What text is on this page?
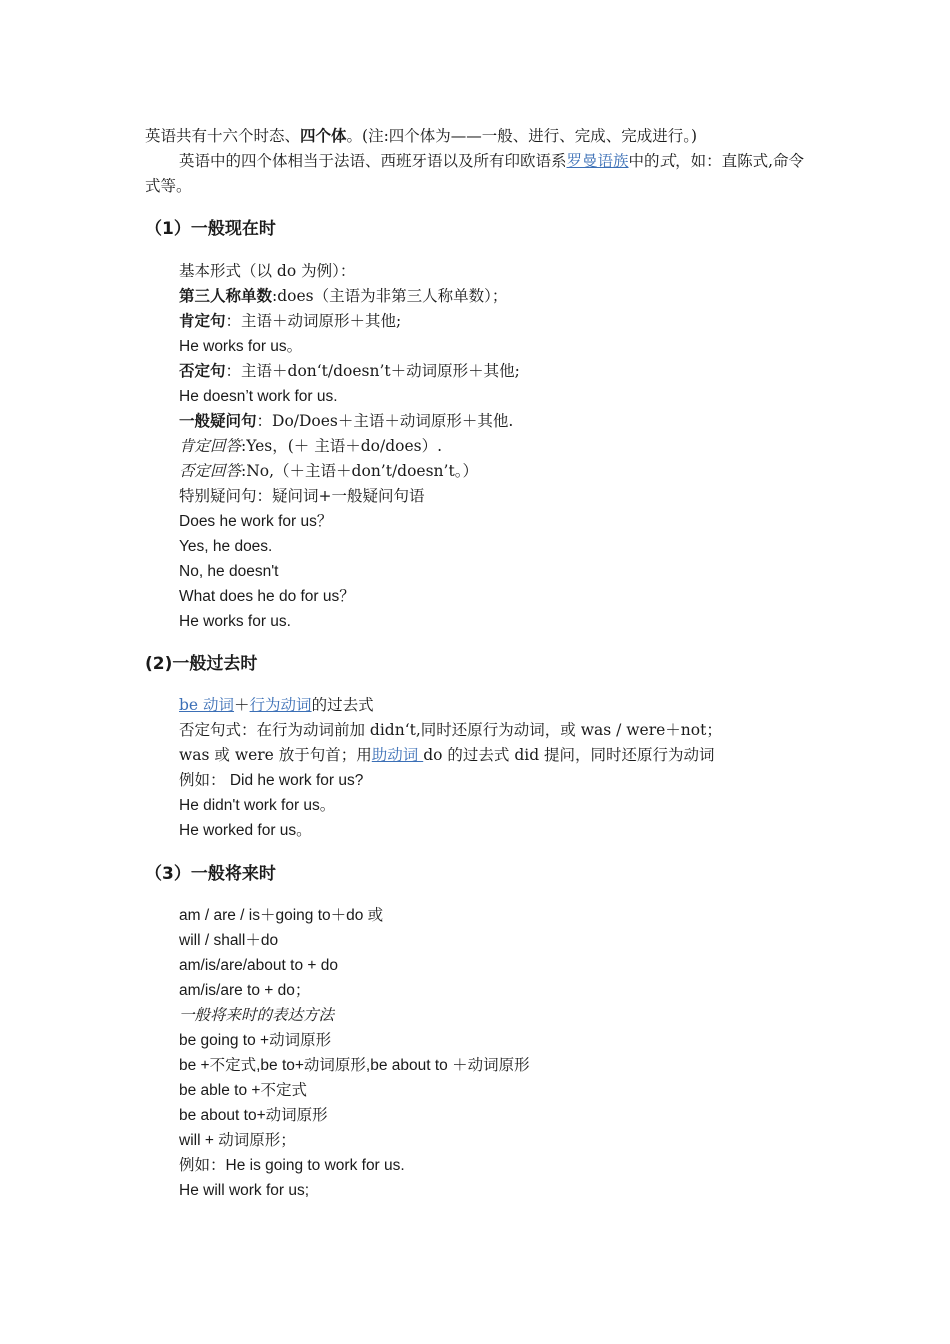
英语共有十六个时态、四个体。(注:四个体为——一般、进行、完成、完成进行。)

英语中的四个体相当于法语、西班牙语以及所有印欧语系罗曼语族中的式，如：直陈式,命令式等。

（1）一般现在时
基本形式（以 do 为例）：
第三人称单数:does（主语为非第三人称单数）；
肯定句：主语＋动词原形＋其他;
He works for us。
否定句：主语＋don‘t/doesn’t＋动词原形＋其他;
He doesn’t work for us.
一般疑问句：Do/Does＋主语＋动词原形＋其他.
肯定回答:Yes，(＋ 主语＋do/does）.
否定回答:No,（＋主语＋don’t/doesn’t。）
特别疑问句：疑问词+一般疑问句语
Does he work for us？
Yes, he does.
No, he doesn't
What does he do for us？
He works for us.
(2)一般过去时
be 动词＋行为动词的过去式
否定句式：在行为动词前加 didn‘t,同时还原行为动词，或 was / were＋not；
was 或 were 放于句首；用助动词 do 的过去式 did 提问，同时还原行为动词
例如： Did he work for us?
He didn't work for us。
He worked for us。
（3）一般将来时
am / are / is＋going to＋do 或
will / shall＋do
am/is/are/about to + do
am/is/are to + do；
一般将来时的表达方法
be going to +动词原形
be +不定式,be to+动词原形,be about to ＋动词原形
be able to +不定式
be about to+动词原形
will + 动词原形；
例如：He is going to work for us.
He will work for us;
